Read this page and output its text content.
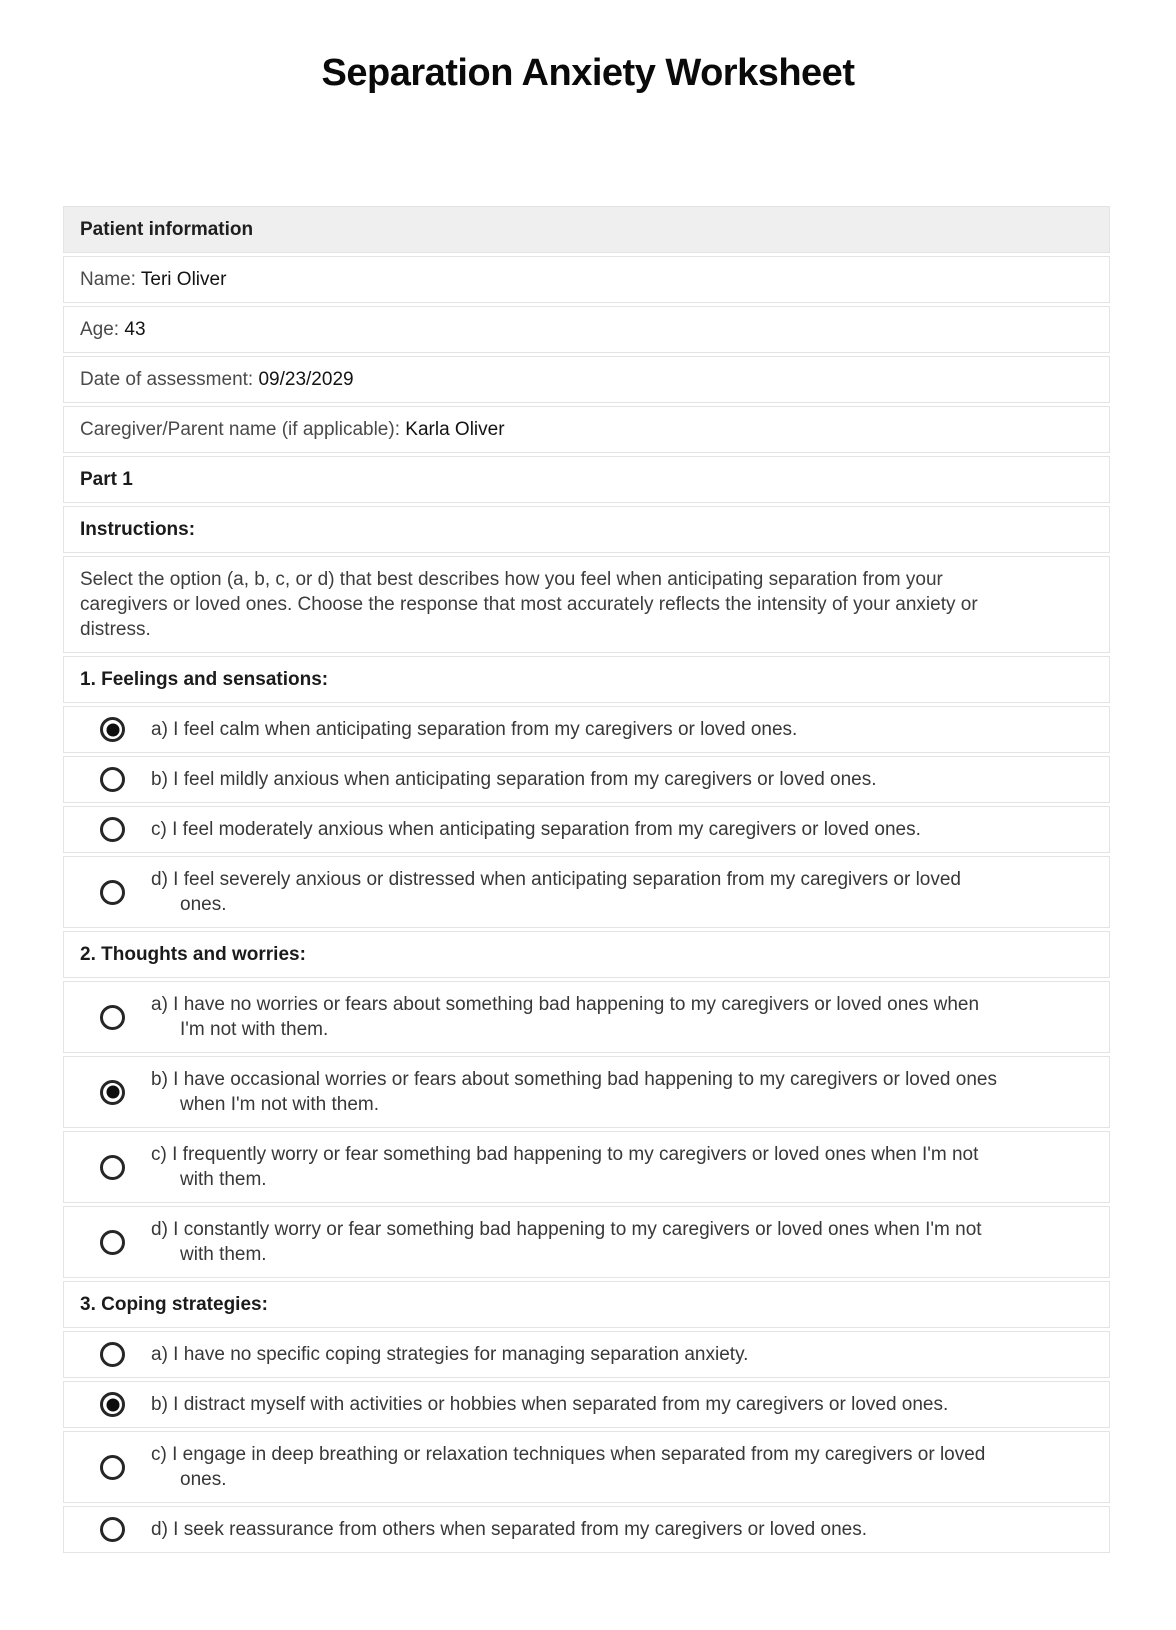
Separation Anxiety Worksheet
Patient information
Name: Teri Oliver
Age: 43
Date of assessment: 09/23/2029
Caregiver/Parent name (if applicable): Karla Oliver
Part 1
Instructions:
Select the option (a, b, c, or d) that best describes how you feel when anticipating separation from your caregivers or loved ones. Choose the response that most accurately reflects the intensity of your anxiety or distress.
1. Feelings and sensations:
a) I feel calm when anticipating separation from my caregivers or loved ones.
b) I feel mildly anxious when anticipating separation from my caregivers or loved ones.
c) I feel moderately anxious when anticipating separation from my caregivers or loved ones.
d) I feel severely anxious or distressed when anticipating separation from my caregivers or loved ones.
2. Thoughts and worries:
a) I have no worries or fears about something bad happening to my caregivers or loved ones when I'm not with them.
b) I have occasional worries or fears about something bad happening to my caregivers or loved ones when I'm not with them.
c) I frequently worry or fear something bad happening to my caregivers or loved ones when I'm not with them.
d) I constantly worry or fear something bad happening to my caregivers or loved ones when I'm not with them.
3. Coping strategies:
a) I have no specific coping strategies for managing separation anxiety.
b) I distract myself with activities or hobbies when separated from my caregivers or loved ones.
c) I engage in deep breathing or relaxation techniques when separated from my caregivers or loved ones.
d) I seek reassurance from others when separated from my caregivers or loved ones.
